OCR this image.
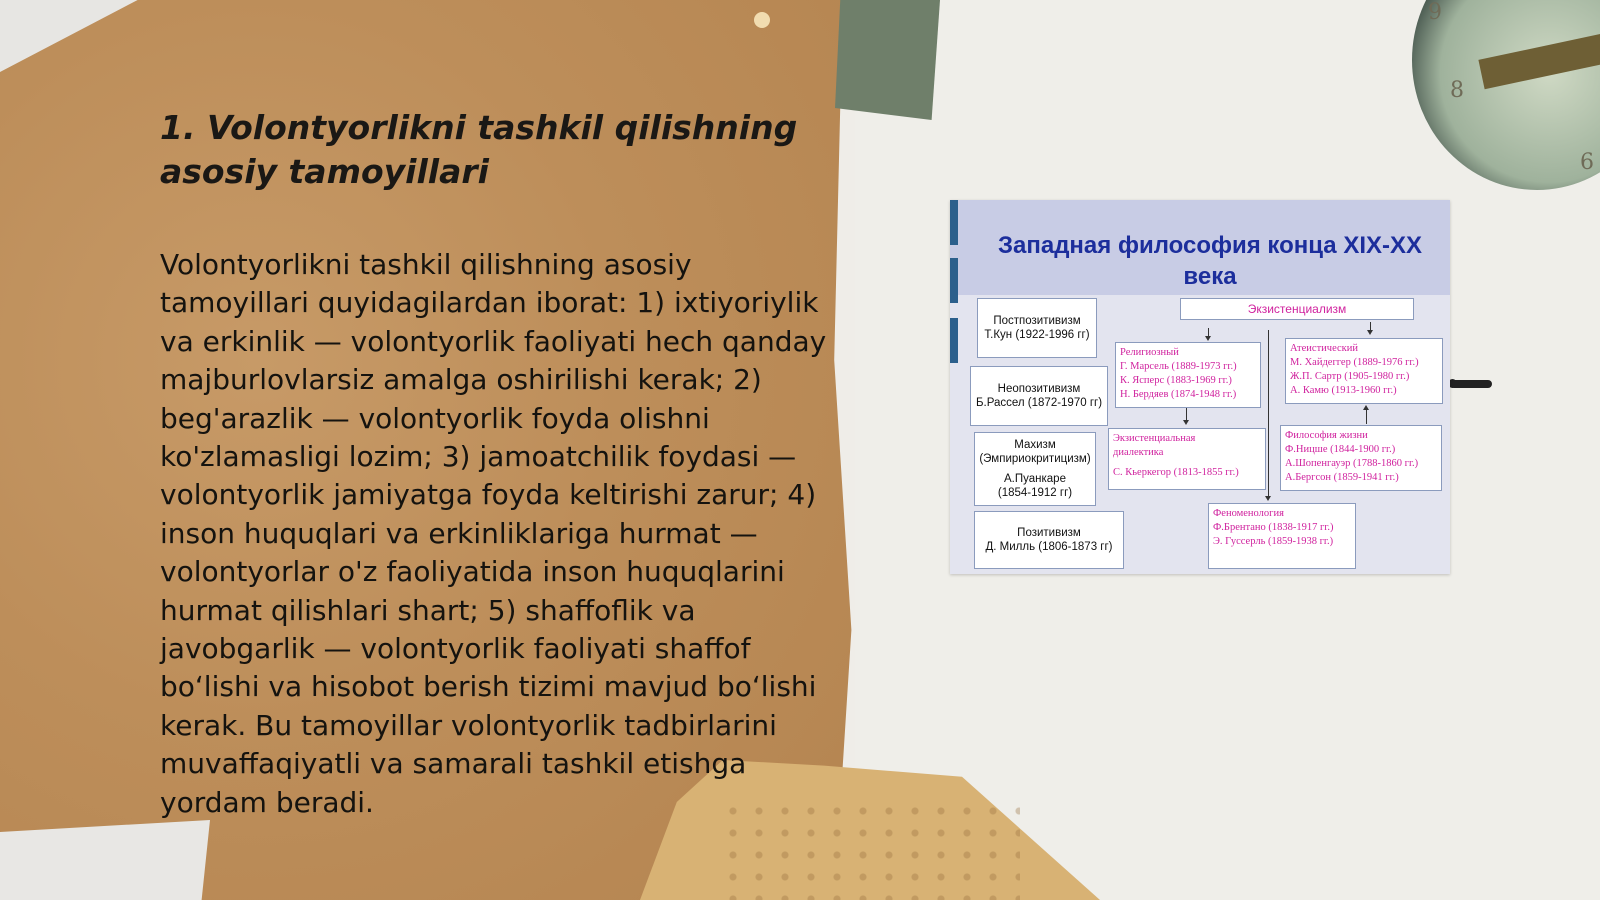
9
8
6
1. Volontyorlikni tashkil qilishning asosiy tamoyillari

Volontyorlikni tashkil qilishning asosiy tamoyillari quyidagilardan iborat: 1) ixtiyoriylik va erkinlik — volontyorlik faoliyati hech qanday majburlovlarsiz amalga oshirilishi kerak; 2) beg'arazlik — volontyorlik foyda olishni ko'zlamasligi lozim; 3) jamoatchilik foydasi — volontyorlik jamiyatga foyda keltirishi zarur; 4) inson huquqlari va erkinliklariga hurmat — volontyorlar o'z faoliyatida inson huquqlarini hurmat qilishlari shart; 5) shaffoflik va javobgarlik — volontyorlik faoliyati shaffof boʻlishi va hisobot berish tizimi mavjud boʻlishi kerak. Bu tamoyillar volontyorlik tadbirlarini muvaffaqiyatli va samarali tashkil etishga yordam beradi.

Западная философия конца XIX-XX века
Постпозитивизм
Т.Кун (1922-1996 гг)
Неопозитивизм
Б.Рассел (1872-1970 гг)
Махизм
(Эмпириокритицизм)
А.Пуанкаре
(1854-1912 гг)
Позитивизм
Д. Милль (1806-1873 гг)
Экзистенциализм
Религиозный
Г. Марсель (1889-1973 гг.)
К. Ясперс (1883-1969 гг.)
Н. Бердяев (1874-1948 гг.)
Атеистический
М. Хайдеггер (1889-1976 гг.)
Ж.П. Сартр (1905-1980 гг.)
А. Камю (1913-1960 гг.)
Экзистенциальная
диалектика
С. Кьеркегор (1813-1855 гг.)
Философия жизни
Ф.Ницше (1844-1900 гг.)
А.Шопенгауэр (1788-1860 гг.)
А.Бергсон (1859-1941 гг.)
Феноменология
Ф.Брентано (1838-1917 гг.)
Э. Гуссерль (1859-1938 гг.)
